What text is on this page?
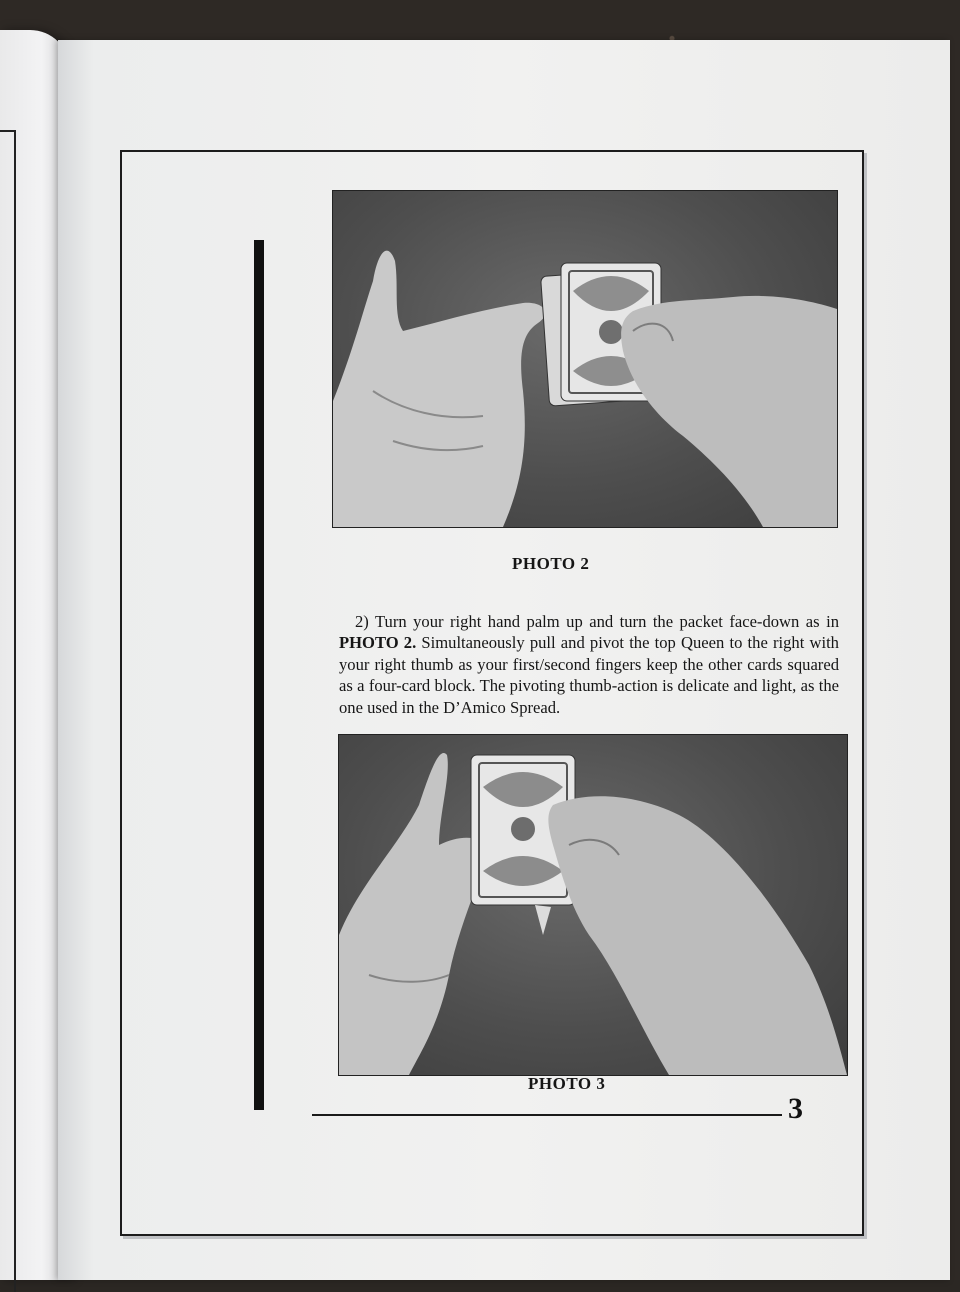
PHOTO 2

2) Turn your right hand palm up and turn the packet face-down as in PHOTO 2. Simultaneously pull and pivot the top Queen to the right with your right thumb as your first/second fingers keep the other cards squared as a four-card block. The pivoting thumb-action is delicate and light, as the one used in the D’Amico Spread.

PHOTO 3
3
